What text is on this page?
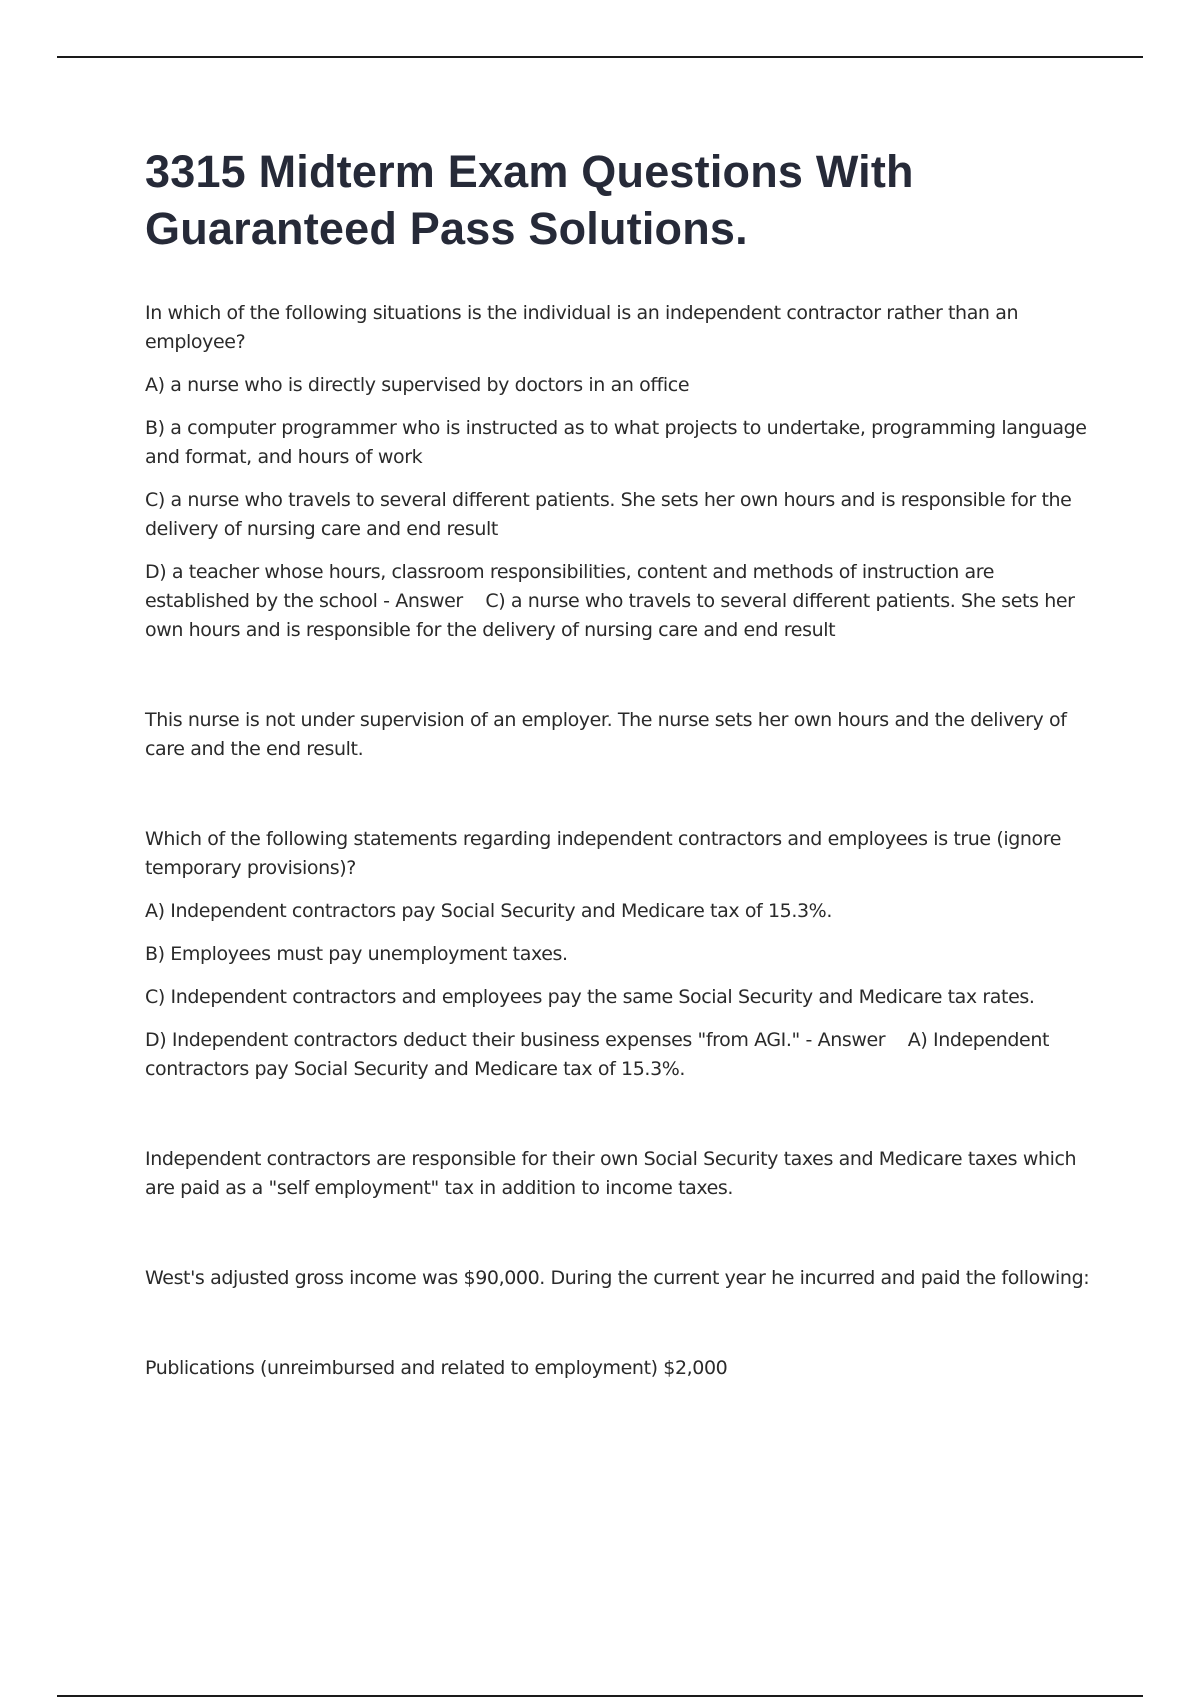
3315 Midterm Exam Questions With Guaranteed Pass Solutions.

In which of the following situations is the individual is an independent contractor rather than an employee?

A) a nurse who is directly supervised by doctors in an office

B) a computer programmer who is instructed as to what projects to undertake, programming language and format, and hours of work

C) a nurse who travels to several different patients. She sets her own hours and is responsible for the delivery of nursing care and end result

D) a teacher whose hours, classroom responsibilities, content and methods of instruction are established by the school - Answer    C) a nurse who travels to several different patients. She sets her own hours and is responsible for the delivery of nursing care and end result

This nurse is not under supervision of an employer. The nurse sets her own hours and the delivery of care and the end result.

Which of the following statements regarding independent contractors and employees is true (ignore temporary provisions)?

A) Independent contractors pay Social Security and Medicare tax of 15.3%.

B) Employees must pay unemployment taxes.

C) Independent contractors and employees pay the same Social Security and Medicare tax rates.

D) Independent contractors deduct their business expenses "from AGI." - Answer    A) Independent contractors pay Social Security and Medicare tax of 15.3%.

Independent contractors are responsible for their own Social Security taxes and Medicare taxes which are paid as a "self employment" tax in addition to income taxes.

West's adjusted gross income was $90,000. During the current year he incurred and paid the following:

Publications (unreimbursed and related to employment) $2,000
